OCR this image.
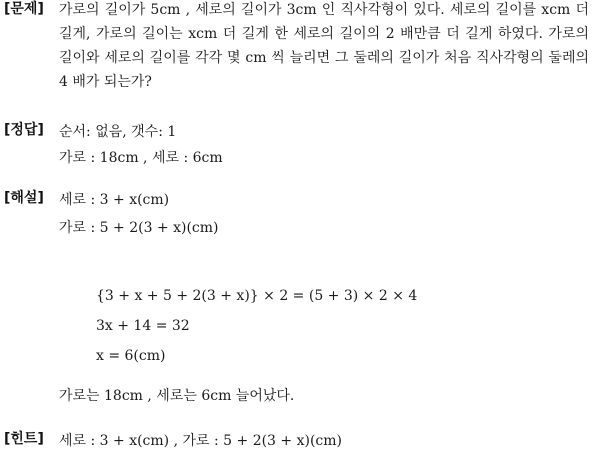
[문제] 가로의 길이가 5cm , 세로의 길이가 3cm 인 직사각형이 있다. 세로의 길이를 xcm 더 길게, 가로의 길이는 xcm 더 길게 한 세로의 길이의 2 배만큼 더 길게 하였다. 가로의 길이와 세로의 길이를 각각 몇 cm 씩 늘리면 그 둘레의 길이가 처음 직사각형의 둘레의 4 배가 되는가?
[정답] 순서: 없음, 갯수: 1
가로 : 18cm , 세로 : 6cm
[해설] 세로 : 3 + x(cm)
가로 : 5 + 2(3 + x)(cm)
{3 + x + 5 + 2(3 + x)} × 2 = (5 + 3) × 2 × 4
3x + 14 = 32
x = 6(cm)
가로는 18cm , 세로는 6cm 늘어났다.
[힌트] 세로 : 3 + x(cm) , 가로 : 5 + 2(3 + x)(cm)
